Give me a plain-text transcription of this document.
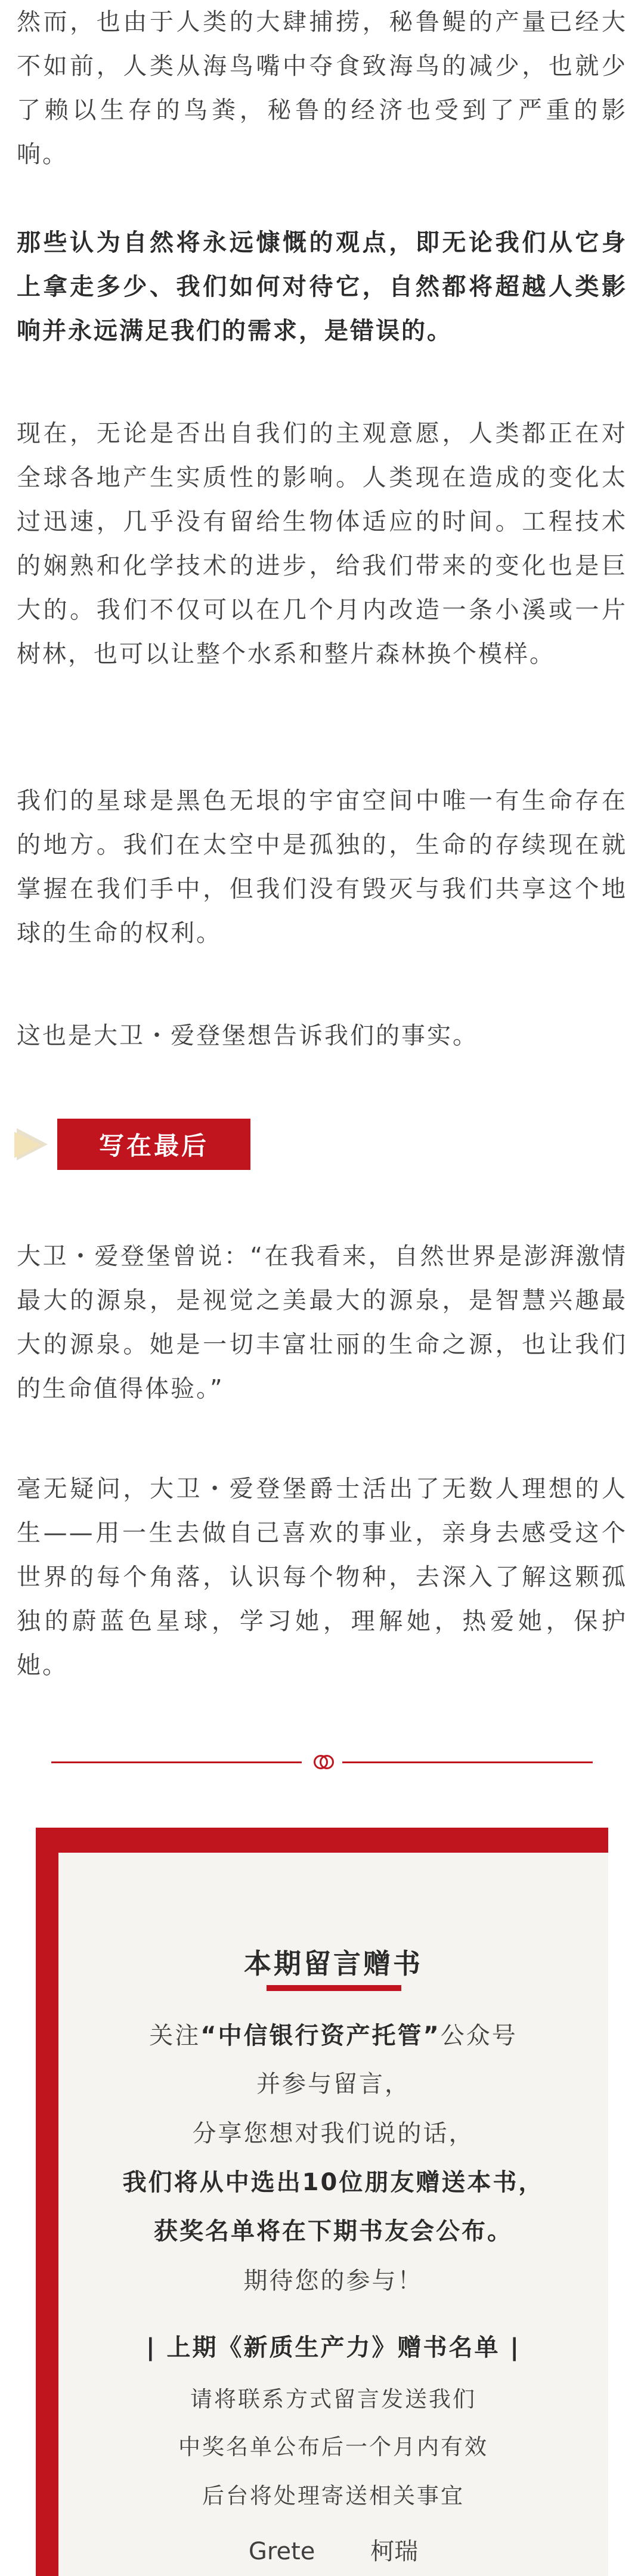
然而，也由于人类的大肆捕捞，秘鲁鳀的产量已经大不如前，人类从海鸟嘴中夺食致海鸟的减少，也就少了赖以生存的鸟粪，秘鲁的经济也受到了严重的影响。

那些认为自然将永远慷慨的观点，即无论我们从它身上拿走多少、我们如何对待它，自然都将超越人类影响并永远满足我们的需求，是错误的。

现在，无论是否出自我们的主观意愿，人类都正在对全球各地产生实质性的影响。人类现在造成的变化太过迅速，几乎没有留给生物体适应的时间。工程技术的娴熟和化学技术的进步，给我们带来的变化也是巨大的。我们不仅可以在几个月内改造一条小溪或一片树林，也可以让整个水系和整片森林换个模样。

我们的星球是黑色无垠的宇宙空间中唯一有生命存在的地方。我们在太空中是孤独的，生命的存续现在就掌握在我们手中，但我们没有毁灭与我们共享这个地球的生命的权利。

这也是大卫・爱登堡想告诉我们的事实。

写在最后

大卫・爱登堡曾说：“在我看来，自然世界是澎湃激情最大的源泉，是视觉之美最大的源泉，是智慧兴趣最大的源泉。她是一切丰富壮丽的生命之源，也让我们的生命值得体验。”

毫无疑问，大卫・爱登堡爵士活出了无数人理想的人生——用一生去做自己喜欢的事业，亲身去感受这个世界的每个角落，认识每个物种，去深入了解这颗孤独的蔚蓝色星球，学习她，理解她，热爱她，保护她。

本期留言赠书
关注“中信银行资产托管”公众号
并参与留言，
分享您想对我们说的话，
我们将从中选出10位朋友赠送本书，
获奖名单将在下期书友会公布。
期待您的参与！
| 上期《新质生产力》赠书名单 |
请将联系方式留言发送我们
中奖名单公布后一个月内有效
后台将处理寄送相关事宜
Grete 柯瑞
